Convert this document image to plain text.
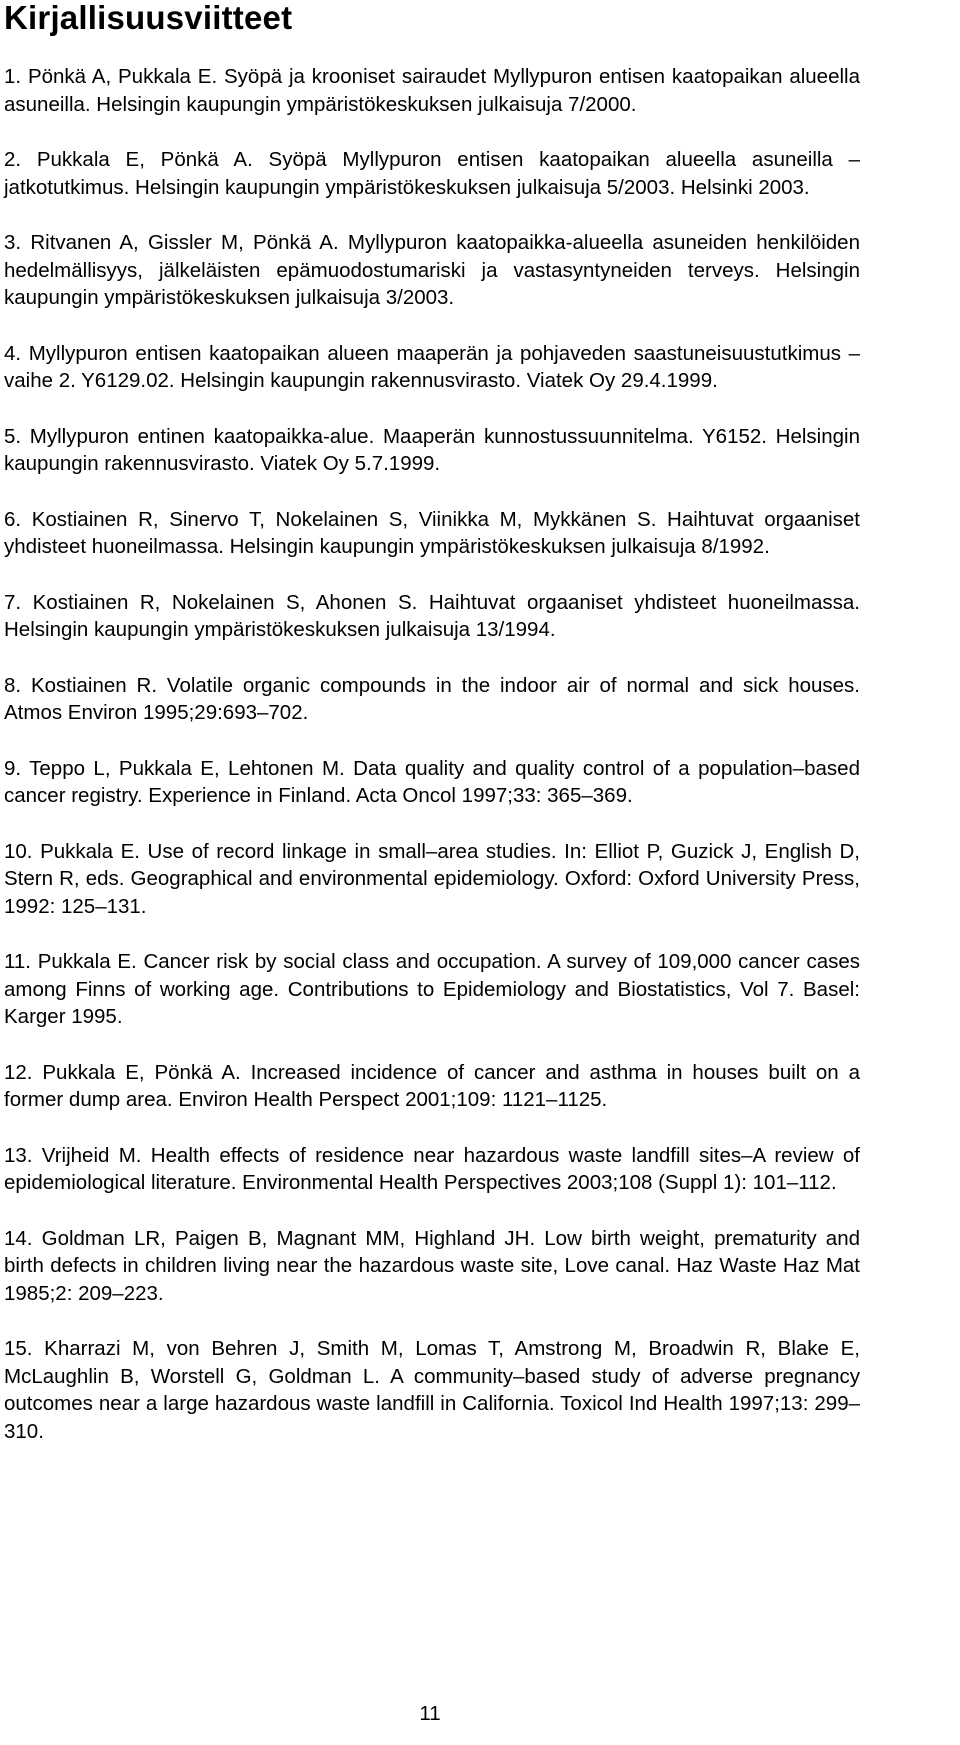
Kirjallisuusviitteet
1. Pönkä A, Pukkala E. Syöpä ja krooniset sairaudet Myllypuron entisen kaatopaikan alueella asuneilla. Helsingin kaupungin ympäristökeskuksen julkaisuja 7/2000.
2. Pukkala E, Pönkä A. Syöpä Myllypuron entisen kaatopaikan alueella asuneilla – jatkotutkimus. Helsingin kaupungin ympäristökeskuksen julkaisuja 5/2003. Helsinki 2003.
3. Ritvanen A, Gissler M, Pönkä A. Myllypuron kaatopaikka-alueella asuneiden henkilöiden hedelmällisyys, jälkeläisten epämuodostumariski ja vastasyntyneiden terveys. Helsingin kaupungin ympäristökeskuksen julkaisuja 3/2003.
4. Myllypuron entisen kaatopaikan alueen maaperän ja pohjaveden saastuneisuustutkimus – vaihe 2. Y6129.02. Helsingin kaupungin rakennusvirasto. Viatek Oy 29.4.1999.
5. Myllypuron entinen kaatopaikka-alue. Maaperän kunnostussuunnitelma. Y6152. Helsingin kaupungin rakennusvirasto. Viatek Oy 5.7.1999.
6. Kostiainen R, Sinervo T, Nokelainen S, Viinikka M, Mykkänen S. Haihtuvat orgaaniset yhdisteet huoneilmassa. Helsingin kaupungin ympäristökeskuksen julkaisuja 8/1992.
7. Kostiainen R, Nokelainen S, Ahonen S. Haihtuvat orgaaniset yhdisteet huoneilmassa. Helsingin kaupungin ympäristökeskuksen julkaisuja 13/1994.
8. Kostiainen R. Volatile organic compounds in the indoor air of normal and sick houses. Atmos Environ 1995;29:693–702.
9. Teppo L, Pukkala E, Lehtonen M. Data quality and quality control of a population–based cancer registry. Experience in Finland. Acta Oncol 1997;33: 365–369.
10. Pukkala E. Use of record linkage in small–area studies. In: Elliot P, Guzick J, English D, Stern R, eds. Geographical and environmental epidemiology. Oxford: Oxford University Press, 1992: 125–131.
11. Pukkala E. Cancer risk by social class and occupation. A survey of 109,000 cancer cases among Finns of working age. Contributions to Epidemiology and Biostatistics, Vol 7. Basel: Karger 1995.
12. Pukkala E, Pönkä A. Increased incidence of cancer and asthma in houses built on a former dump area. Environ Health Perspect 2001;109: 1121–1125.
13. Vrijheid M. Health effects of residence near hazardous waste landfill sites–A review of epidemiological literature. Environmental Health Perspectives 2003;108 (Suppl 1): 101–112.
14. Goldman LR, Paigen B, Magnant MM, Highland JH. Low birth weight, prematurity and birth defects in children living near the hazardous waste site, Love canal. Haz Waste Haz Mat 1985;2: 209–223.
15. Kharrazi M, von Behren J, Smith M, Lomas T, Amstrong M, Broadwin R, Blake E, McLaughlin B, Worstell G, Goldman L. A community–based study of adverse pregnancy outcomes near a large hazardous waste landfill in California. Toxicol Ind Health 1997;13: 299–310.
11
